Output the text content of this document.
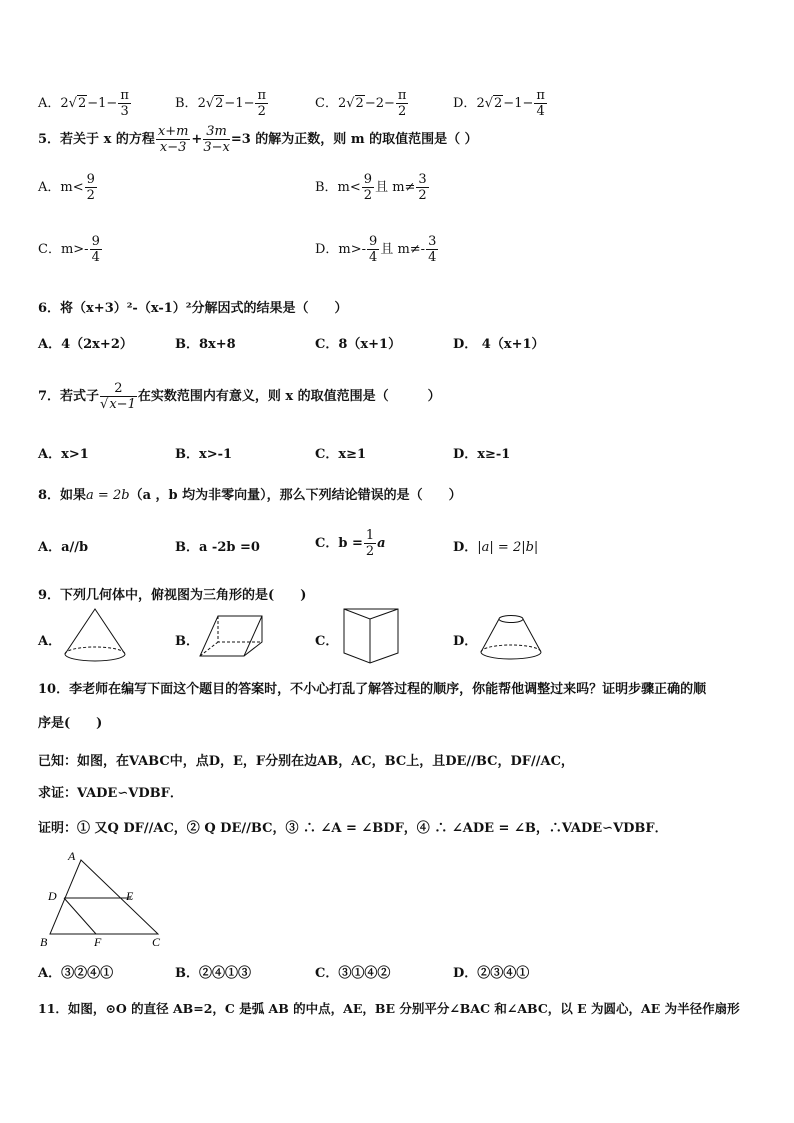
A．$2√2-1- \frac{\pi}{3}$	B．$2√2-1- \frac{\pi}{2}$	C．$2√2-2- \frac{\pi}{2}$	D．$2√2-1- \frac{\pi}{4}$
5．若关于 x 的方程 $\frac{x+m}{x-3} + \frac{3m}{3-x} =3$ 的解为正数，则 m 的取值范围是（ ）
A．$m< \frac{9}{2}$	B．$m< \frac{9}{2}$ 且 $m\ne \frac{3}{2}$
C．$m>- \frac{9}{4}$	D．$m>- \frac{9}{4}$ 且 $m\ne- \frac{3}{4}$
6．将（x+3）²-（x-1）²分解因式的结果是（　　）
A．4（2x+2）	B．8x+8	C．8（x+1）	D． 4（x+1）
7．若式子 $\frac{2}{√x-1}$ 在实数范围内有意义，则 x 的取值范围是（　　　）
A．x>1	B．x>-1	C．x≥1	D．x≥-1
8．如果a = 2b（a ，b 均为非零向量），那么下列结论错误的是（　　）
A．a//b	B．a -2b =0	C．$b = \frac{1}{2}$ a	D．|a| = 2|b|
9．下列几何体中，俯视图为三角形的是(　　)
A．	B．	C．	D．
10．李老师在编写下面这个题目的答案时，不小心打乱了解答过程的顺序，你能帮他调整过来吗？证明步骤正确的顺
序是(　　)
已知：如图，在VABC中，点D，E，F分别在边AB，AC，BC上，且DE//BC，DF//AC，
求证：VADE∽VDBF．
证明：① 又Q DF//AC，② Q DE//BC，③ ∴ ∠A = ∠BDF，④ ∴ ∠ADE = ∠B，∴VADE∽VDBF．
A
D	E
B	F	C
A．③②④①	B．②④①③	C．③①④②	D．②③④①
11．如图，⊙O 的直径 AB=2，C 是弧 AB 的中点，AE，BE 分别平分∠BAC 和∠ABC，以 E 为圆心，AE 为半径作扇形
